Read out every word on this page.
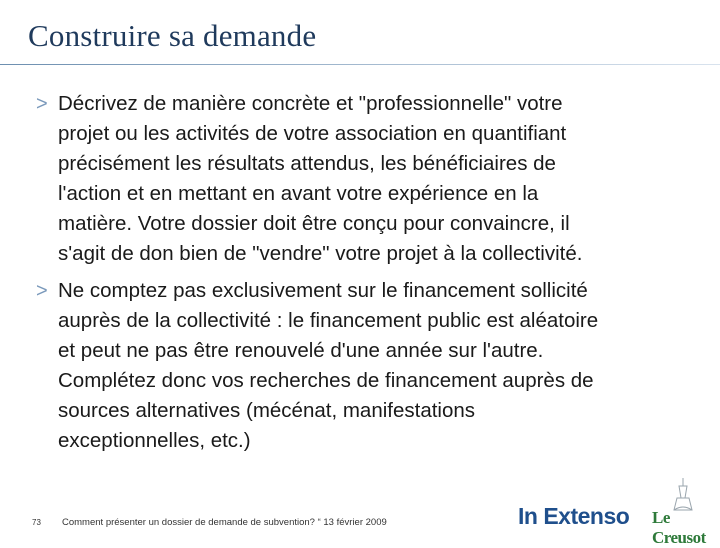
Construire sa demande
> Décrivez de manière concrète et "professionnelle" votre
projet ou les activités de votre association en quantifiant
précisément les résultats attendus, les bénéficiaires de
l'action et en mettant en avant votre expérience en la
matière. Votre dossier doit être conçu pour convaincre, il
s'agit de don bien de "vendre" votre projet à la collectivité.
> Ne comptez pas exclusivement sur le financement sollicité
auprès de la collectivité : le financement public est aléatoire
et peut ne pas être renouvelé d'une année sur l'autre.
Complétez donc vos recherches de financement auprès de
sources alternatives (mécénat, manifestations
exceptionnelles, etc.)
73 Comment présenter un dossier de demande de subvention? “ 13 février 2009	In Extenso Le Creusot
